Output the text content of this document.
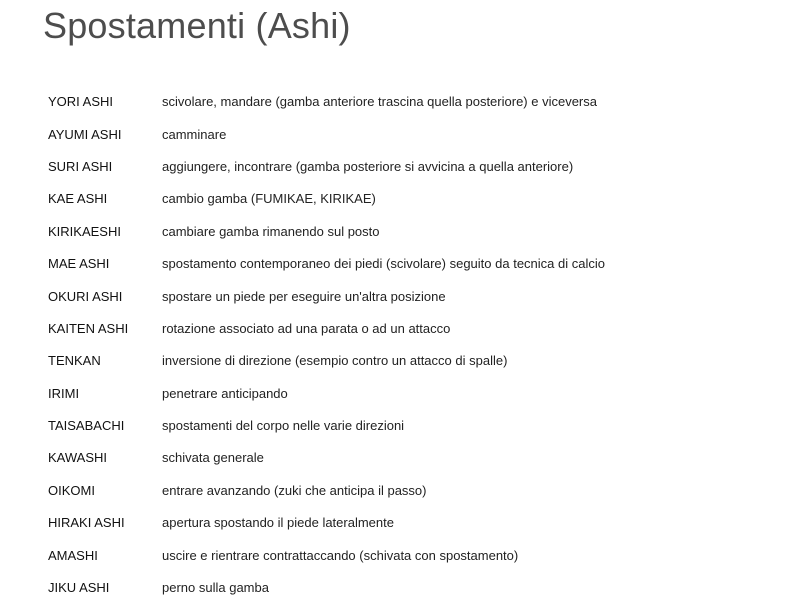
Spostamenti (Ashi)
YORI ASHI	scivolare, mandare (gamba anteriore trascina quella posteriore) e viceversa
AYUMI ASHI	camminare
SURI ASHI	aggiungere, incontrare (gamba posteriore si avvicina a quella anteriore)
KAE ASHI	cambio gamba (FUMIKAE, KIRIKAE)
KIRIKAESHI	cambiare gamba rimanendo sul posto
MAE ASHI	spostamento contemporaneo dei piedi (scivolare) seguito da tecnica di calcio
OKURI ASHI	spostare un piede per eseguire un'altra posizione
KAITEN ASHI	rotazione associato ad una parata o ad un attacco
TENKAN	inversione di direzione (esempio contro un attacco di spalle)
IRIMI	penetrare anticipando
TAISABACHI	spostamenti del corpo nelle varie direzioni
KAWASHI	schivata generale
OIKOMI	entrare avanzando (zuki che anticipa il passo)
HIRAKI ASHI	apertura spostando il piede lateralmente
AMASHI	uscire e rientrare contrattaccando (schivata con spostamento)
JIKU ASHI	perno sulla gamba
